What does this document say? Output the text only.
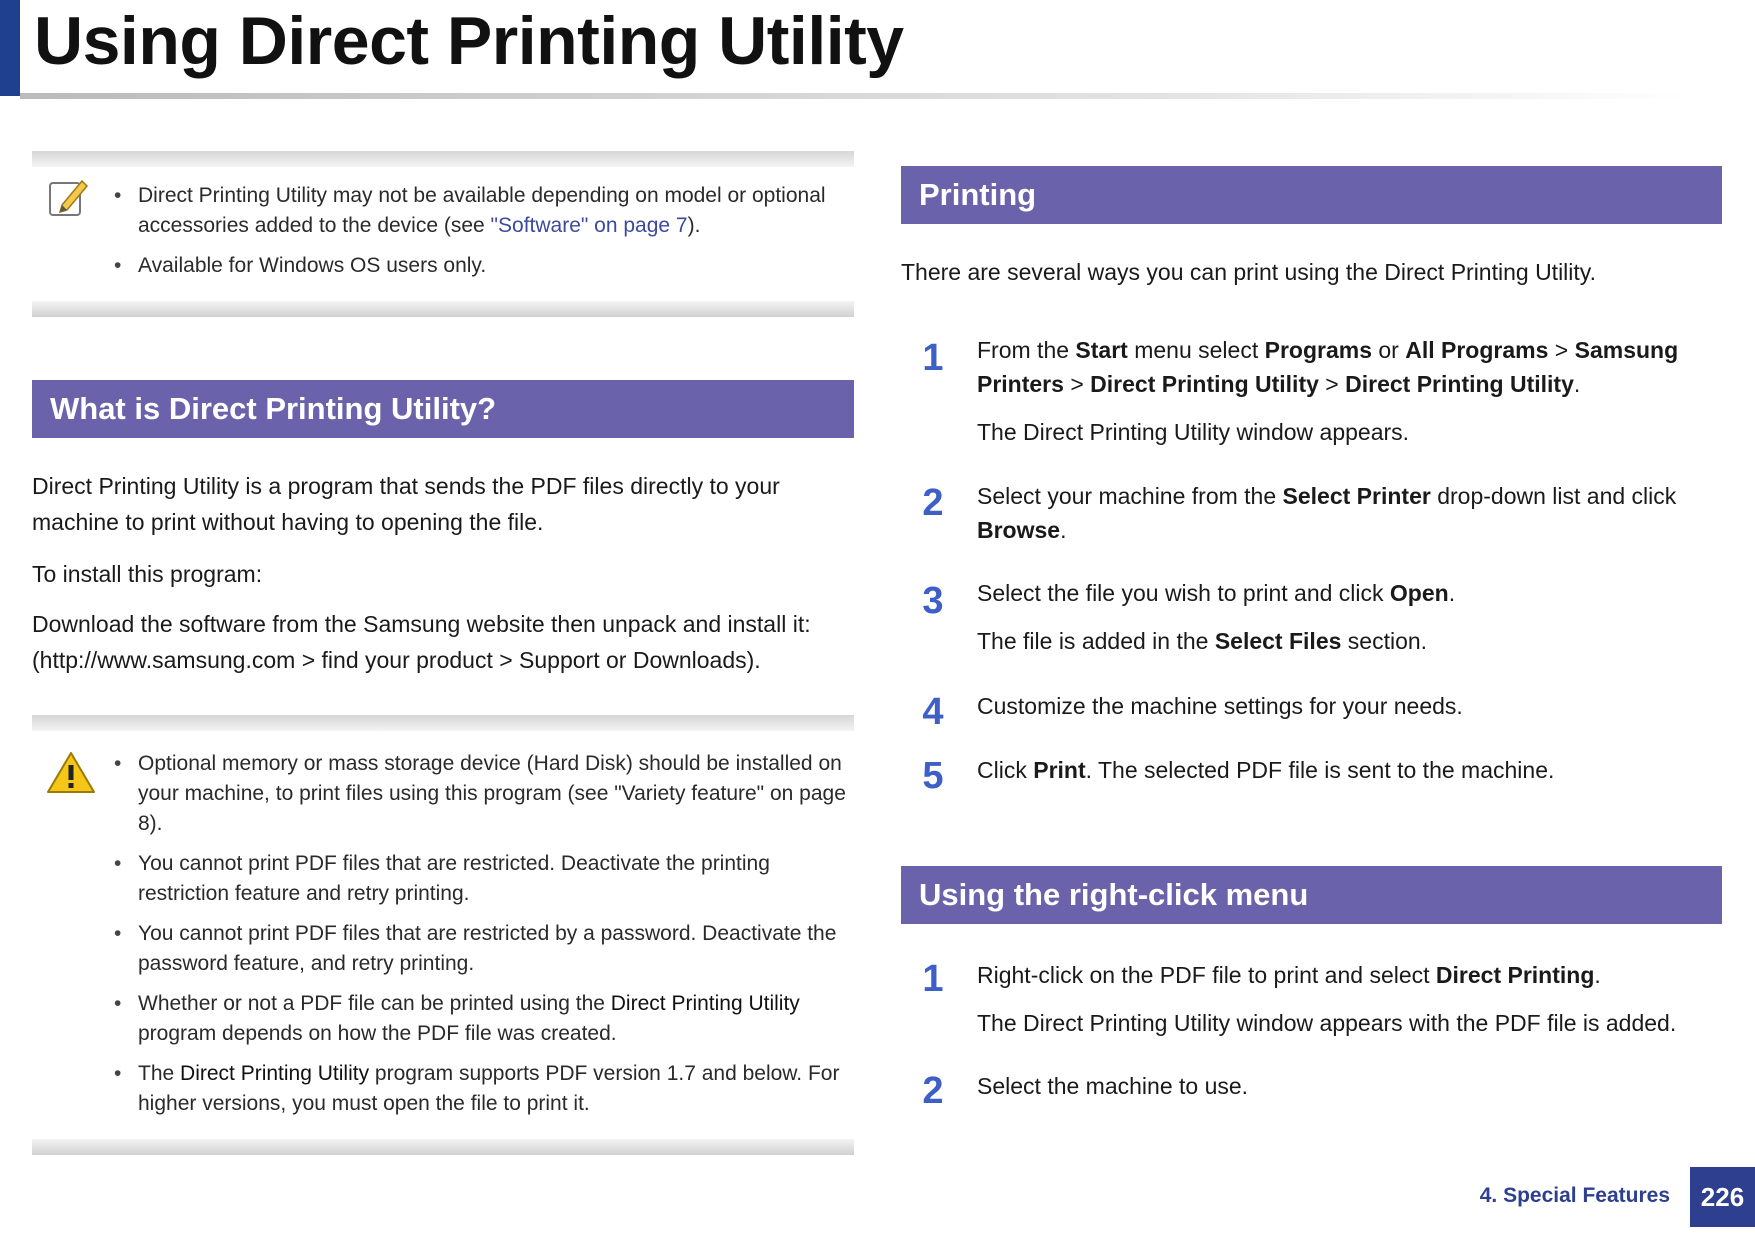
Using Direct Printing Utility
• Direct Printing Utility may not be available depending on model or optional accessories added to the device (see "Software" on page 7).
• Available for Windows OS users only.
What is Direct Printing Utility?
Direct Printing Utility is a program that sends the PDF files directly to your machine to print without having to opening the file.
To install this program:
Download the software from the Samsung website then unpack and install it: (http://www.samsung.com > find your product > Support or Downloads).
• Optional memory or mass storage device (Hard Disk) should be installed on your machine, to print files using this program (see "Variety feature" on page 8).
• You cannot print PDF files that are restricted. Deactivate the printing restriction feature and retry printing.
• You cannot print PDF files that are restricted by a password. Deactivate the password feature, and retry printing.
• Whether or not a PDF file can be printed using the Direct Printing Utility program depends on how the PDF file was created.
• The Direct Printing Utility program supports PDF version 1.7 and below. For higher versions, you must open the file to print it.
Printing
There are several ways you can print using the Direct Printing Utility.
1 From the Start menu select Programs or All Programs > Samsung Printers > Direct Printing Utility > Direct Printing Utility.
The Direct Printing Utility window appears.
2 Select your machine from the Select Printer drop-down list and click Browse.
3 Select the file you wish to print and click Open.
The file is added in the Select Files section.
4 Customize the machine settings for your needs.
5 Click Print. The selected PDF file is sent to the machine.
Using the right-click menu
1 Right-click on the PDF file to print and select Direct Printing.
The Direct Printing Utility window appears with the PDF file is added.
2 Select the machine to use.
4. Special Features	226
